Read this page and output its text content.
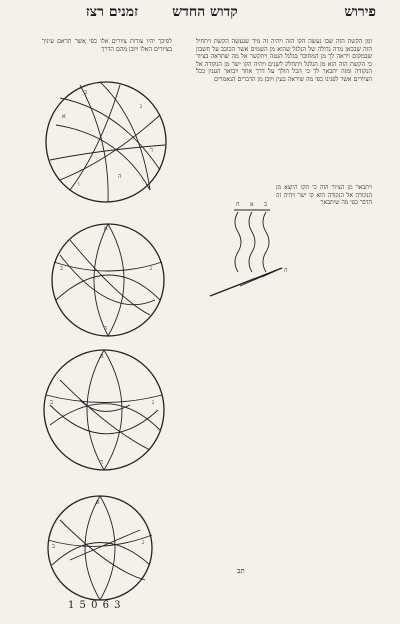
פירוש
קדוש החדש
זמנים רצז
לפיכך יהיו צורות ציורים אלו כפי אשר תראם עיניך בציורים האלו ויובן מהם הדרך
ומן הקשת הזה שבו נעשה הקו הזה ויהיה זה מיד שנעשה הקשת ויתחיל הזה שבכאן מדה גדולה של הגלגל שהוא מן השמים אשר הכוכב על חשבון שבמקום ויראה לך מן המחובר בגלגל הנטה ויתקשר אל מה שתראה בציור כי הקשת הזה הוא מן הגלגל ויתחלק לשנים ויהיה הקו ישר מן הנקודה אל הנקודה ומזה יתבאר לך כי הכל הולך על דרך אחד ויבואר הענין בכל הציורים אשר לפנינו כפי מה שיראה בעין ויובן מן הדברים הנאמרים
ויתבאר מן הציור הזה כי הקו היוצא מן הנקודה אל הנקודה הוא קו ישר ויהיה זה הדבר כפי מה שיתבאר
תב
1 5 0 6 3
א
ב
ג
ד
ה
ו
א
ב	ג
ד
א
ב	ג
ד
א
ב
ג
ח א ב
ח
